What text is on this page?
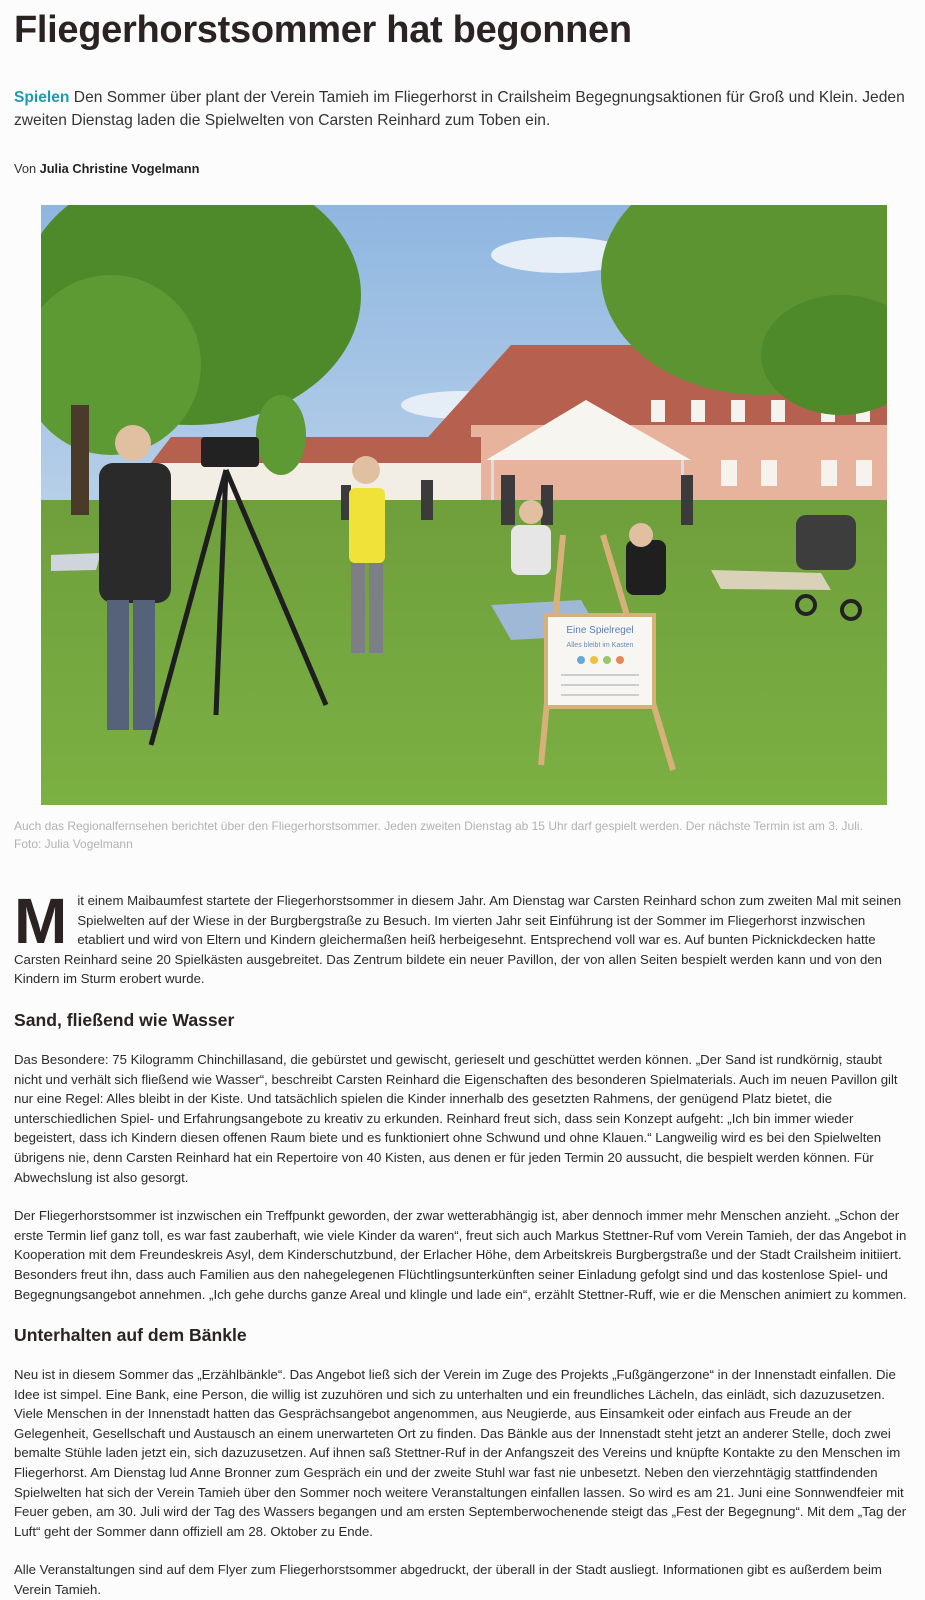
Fliegerhorstsommer hat begonnen

Spielen Den Sommer über plant der Verein Tamieh im Fliegerhorst in Crailsheim Begegnungsaktionen für Groß und Klein. Jeden zweiten Dienstag laden die Spielwelten von Carsten Reinhard zum Toben ein.

Von Julia Christine Vogelmann
Eine Spielregel
Alles bleibt im Kasten
Auch das Regionalfernsehen berichtet über den Fliegerhorstsommer. Jeden zweiten Dienstag ab 15 Uhr darf gespielt werden. Der nächste Termin ist am 3. Juli.
Foto: Julia Vogelmann

Mit einem Maibaumfest startete der Fliegerhorstsommer in diesem Jahr. Am Dienstag war Carsten Reinhard schon zum zweiten Mal mit seinen Spielwelten auf der Wiese in der Burgbergstraße zu Besuch. Im vierten Jahr seit Einführung ist der Sommer im Fliegerhorst inzwischen etabliert und wird von Eltern und Kindern gleichermaßen heiß herbeigesehnt. Entsprechend voll war es. Auf bunten Picknickdecken hatte Carsten Reinhard seine 20 Spielkästen ausgebreitet. Das Zentrum bildete ein neuer Pavillon, der von allen Seiten bespielt werden kann und von den Kindern im Sturm erobert wurde.

Sand, fließend wie Wasser

Das Besondere: 75 Kilogramm Chinchillasand, die gebürstet und gewischt, gerieselt und geschüttet werden können. „Der Sand ist rundkörnig, staubt nicht und verhält sich fließend wie Wasser“, beschreibt Carsten Reinhard die Eigenschaften des besonderen Spielmaterials. Auch im neuen Pavillon gilt nur eine Regel: Alles bleibt in der Kiste. Und tatsächlich spielen die Kinder innerhalb des gesetzten Rahmens, der genügend Platz bietet, die unterschiedlichen Spiel- und Erfahrungsangebote zu kreativ zu erkunden. Reinhard freut sich, dass sein Konzept aufgeht: „Ich bin immer wieder begeistert, dass ich Kindern diesen offenen Raum biete und es funktioniert ohne Schwund und ohne Klauen.“ Langweilig wird es bei den Spielwelten übrigens nie, denn Carsten Reinhard hat ein Repertoire von 40 Kisten, aus denen er für jeden Termin 20 aussucht, die bespielt werden können. Für Abwechslung ist also gesorgt.

Der Fliegerhorstsommer ist inzwischen ein Treffpunkt geworden, der zwar wetterabhängig ist, aber dennoch immer mehr Menschen anzieht. „Schon der erste Termin lief ganz toll, es war fast zauberhaft, wie viele Kinder da waren“, freut sich auch Markus Stettner-Ruf vom Verein Tamieh, der das Angebot in Kooperation mit dem Freundeskreis Asyl, dem Kinderschutzbund, der Erlacher Höhe, dem Arbeitskreis Burgbergstraße und der Stadt Crailsheim initiiert. Besonders freut ihn, dass auch Familien aus den nahegelegenen Flüchtlingsunterkünften seiner Einladung gefolgt sind und das kostenlose Spiel- und Begegnungsangebot annehmen. „Ich gehe durchs ganze Areal und klingle und lade ein“, erzählt Stettner-Ruff, wie er die Menschen animiert zu kommen.

Unterhalten auf dem Bänkle

Neu ist in diesem Sommer das „Erzählbänkle“. Das Angebot ließ sich der Verein im Zuge des Projekts „Fußgängerzone“ in der Innenstadt einfallen. Die Idee ist simpel. Eine Bank, eine Person, die willig ist zuzuhören und sich zu unterhalten und ein freundliches Lächeln, das einlädt, sich dazuzusetzen. Viele Menschen in der Innenstadt hatten das Gesprächsangebot angenommen, aus Neugierde, aus Einsamkeit oder einfach aus Freude an der Gelegenheit, Gesellschaft und Austausch an einem unerwarteten Ort zu finden. Das Bänkle aus der Innenstadt steht jetzt an anderer Stelle, doch zwei bemalte Stühle laden jetzt ein, sich dazuzusetzen. Auf ihnen saß Stettner-Ruf in der Anfangszeit des Vereins und knüpfte Kontakte zu den Menschen im Fliegerhorst. Am Dienstag lud Anne Bronner zum Gespräch ein und der zweite Stuhl war fast nie unbesetzt. Neben den vierzehntägig stattfindenden Spielwelten hat sich der Verein Tamieh über den Sommer noch weitere Veranstaltungen einfallen lassen. So wird es am 21. Juni eine Sonnwendfeier mit Feuer geben, am 30. Juli wird der Tag des Wassers begangen und am ersten Septemberwochenende steigt das „Fest der Begegnung“. Mit dem „Tag der Luft“ geht der Sommer dann offiziell am 28. Oktober zu Ende.

Alle Veranstaltungen sind auf dem Flyer zum Fliegerhorstsommer abgedruckt, der überall in der Stadt ausliegt. Informationen gibt es außerdem beim Verein Tamieh.
